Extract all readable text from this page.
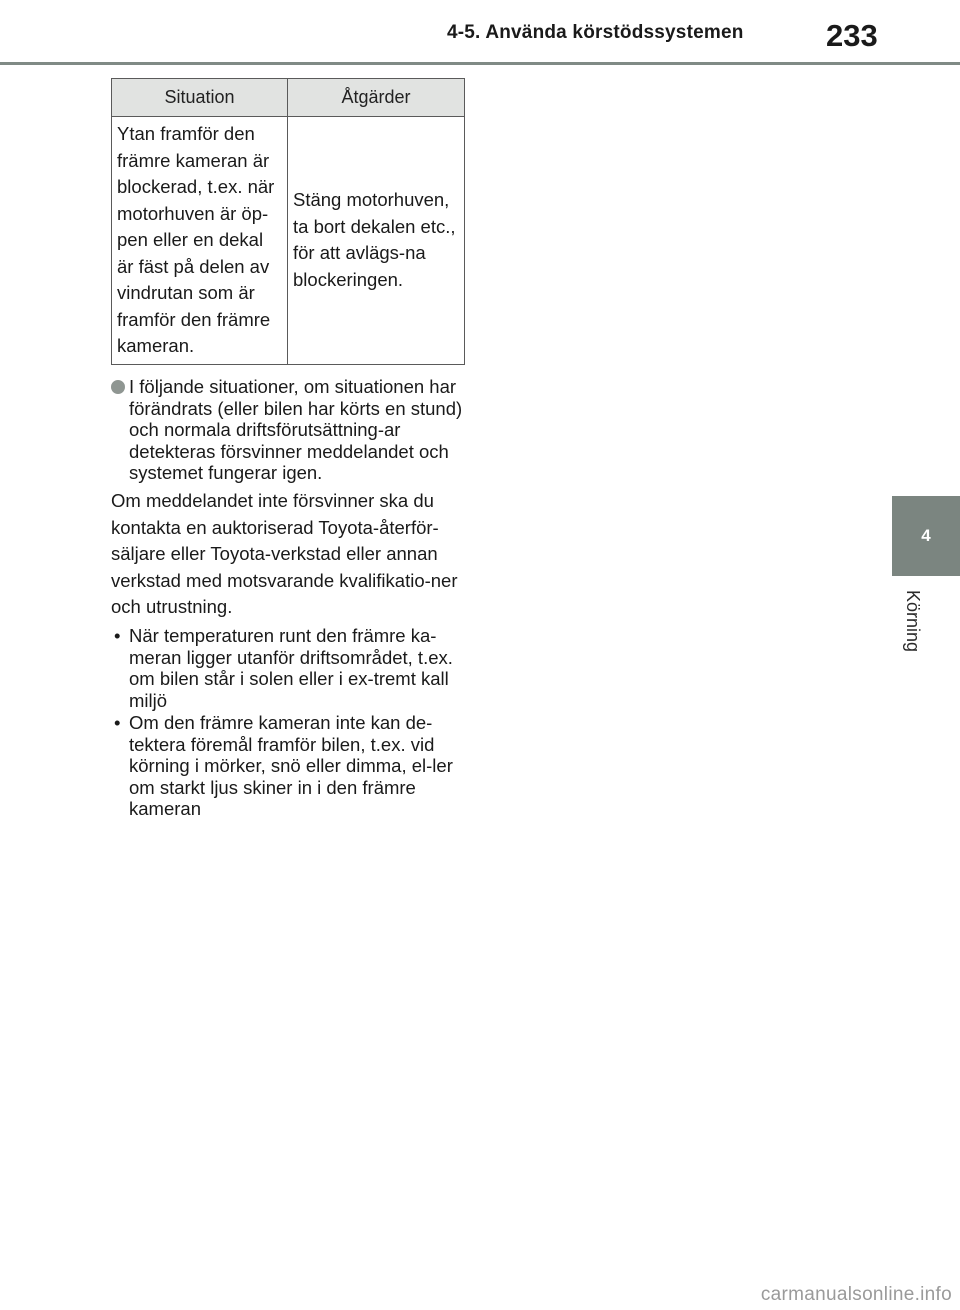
4-5. Använda körstödssystemen	233
4
Körning
Situation	Åtgärder
Ytan framför den främre kameran är blockerad, t.ex. när motorhuven är öp-pen eller en dekal är fäst på delen av vindrutan som är framför den främre kameran.	Stäng motorhuven, ta bort dekalen etc., för att avlägs-na blockeringen.
I följande situationer, om situationen har förändrats (eller bilen har körts en stund) och normala driftsförutsättning-ar detekteras försvinner meddelandet och systemet fungerar igen.

Om meddelandet inte försvinner ska du kontakta en auktoriserad Toyota-återför-säljare eller Toyota-verkstad eller annan verkstad med motsvarande kvalifikatio-ner och utrustning.

• När temperaturen runt den främre ka-meran ligger utanför driftsområdet, t.ex. om bilen står i solen eller i ex-tremt kall miljö
• Om den främre kameran inte kan de-tektera föremål framför bilen, t.ex. vid körning i mörker, snö eller dimma, el-ler om starkt ljus skiner in i den främre kameran
carmanualsonline.info
